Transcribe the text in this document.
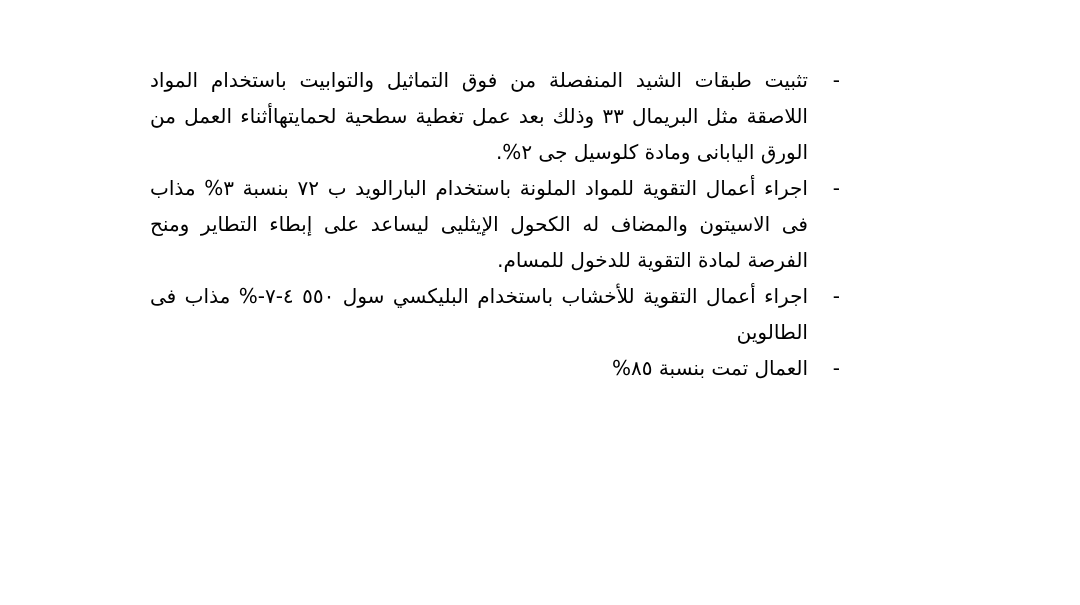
-
تثبيت طبقات الشيد المنفصلة من فوق التماثيل والتوابيت باستخدام المواد اللاصقة مثل البريمال ٣٣ وذلك بعد عمل تغطية سطحية لحمايتهاأثناء العمل من الورق اليابانى ومادة كلوسيل جى ٢%.
-
اجراء أعمال التقوية للمواد الملونة باستخدام البارالويد ب ٧٢ بنسبة ٣% مذاب فى الاسيتون والمضاف له الكحول الإيثليى ليساعد على إبطاء التطاير ومنح الفرصة لمادة التقوية للدخول للمسام.
-
اجراء أعمال التقوية للأخشاب باستخدام البليكسي سول ٥٥٠ ٤-٧-% مذاب فى الطالوين
-
العمال تمت بنسبة ٨٥%
